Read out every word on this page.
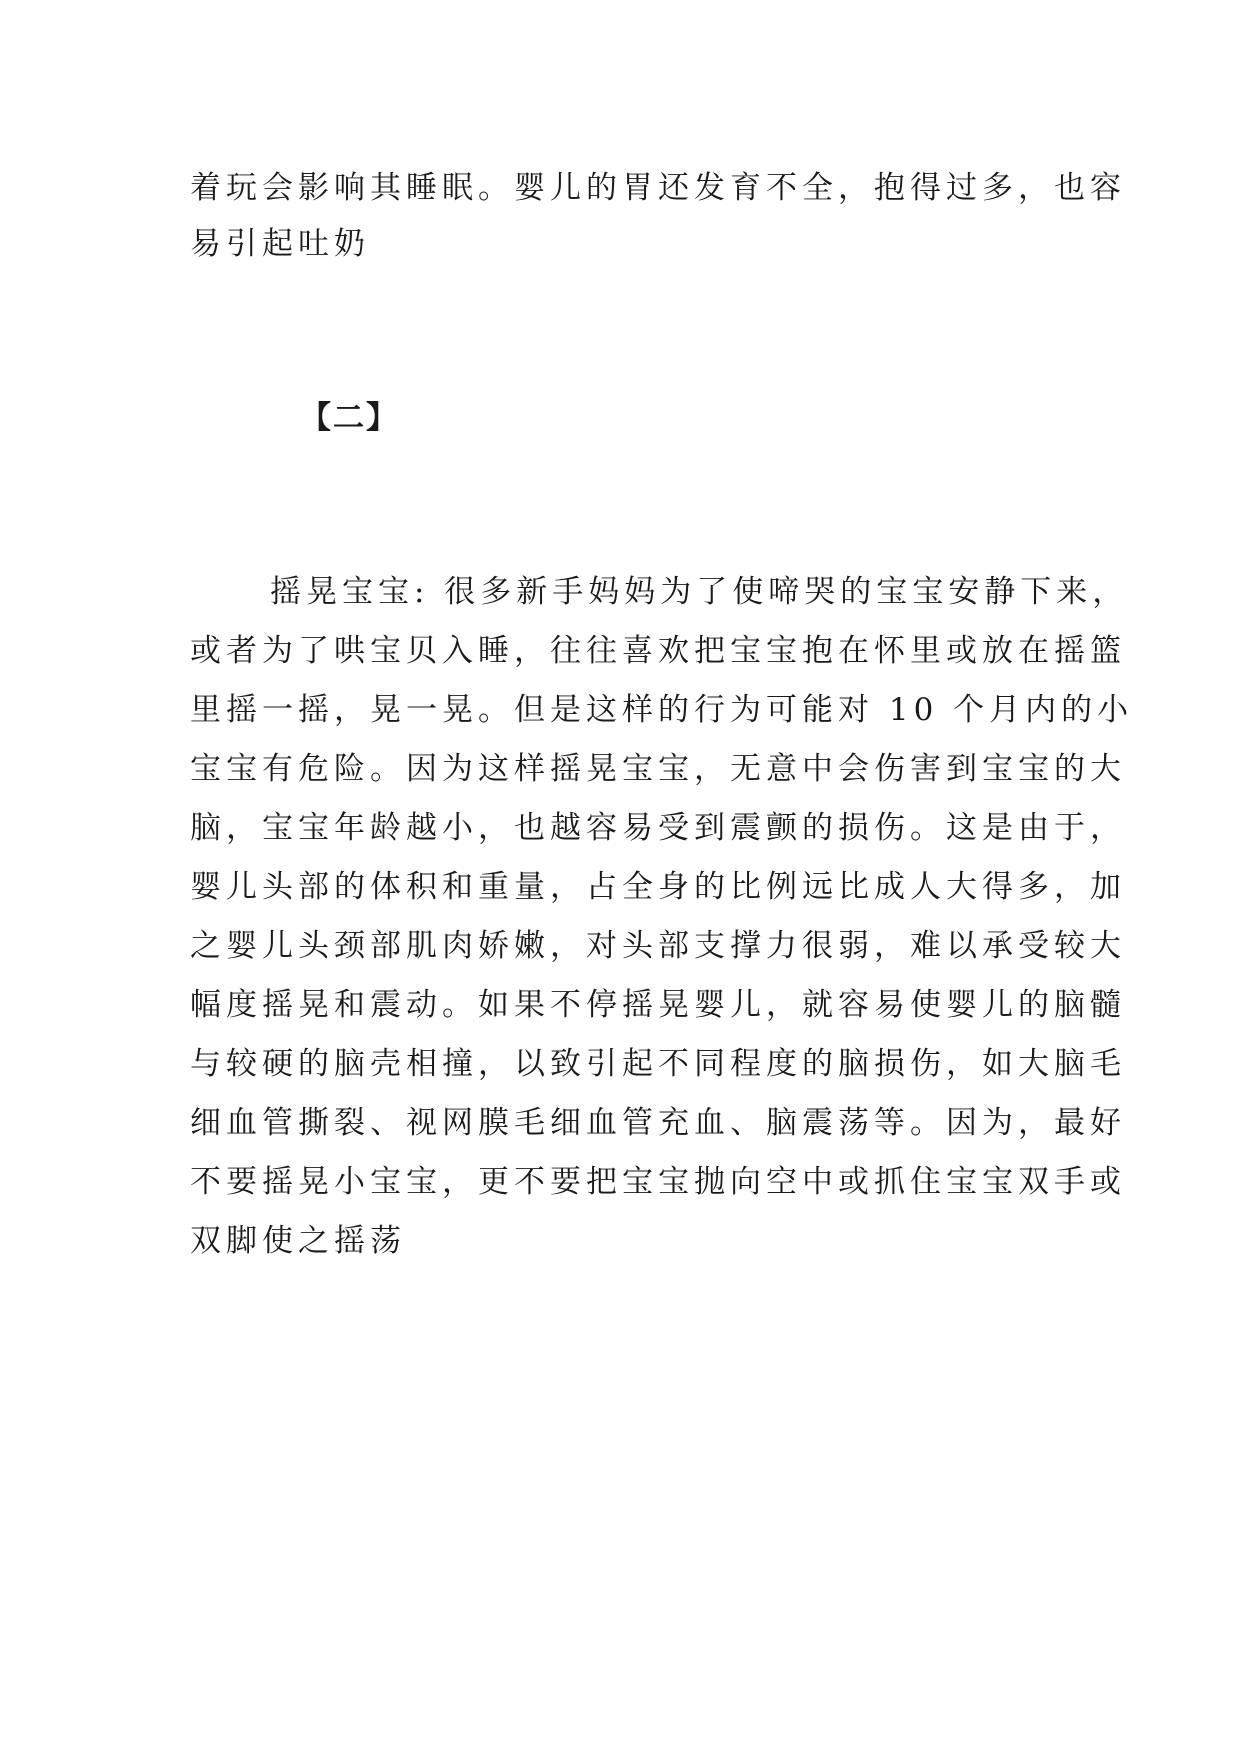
着玩会影响其睡眠。婴儿的胃还发育不全，抱得过多，也容
易引起吐奶

【二】

摇晃宝宝: 很多新手妈妈为了使啼哭的宝宝安静下来，
或者为了哄宝贝入睡，往往喜欢把宝宝抱在怀里或放在摇篮
里摇一摇，晃一晃。但是这样的行为可能对 10 个月内的小
宝宝有危险。因为这样摇晃宝宝，无意中会伤害到宝宝的大
脑，宝宝年龄越小，也越容易受到震颤的损伤。这是由于，
婴儿头部的体积和重量，占全身的比例远比成人大得多，加
之婴儿头颈部肌肉娇嫩，对头部支撑力很弱，难以承受较大
幅度摇晃和震动。如果不停摇晃婴儿，就容易使婴儿的脑髓
与较硬的脑壳相撞，以致引起不同程度的脑损伤，如大脑毛
细血管撕裂、视网膜毛细血管充血、脑震荡等。因为，最好
不要摇晃小宝宝，更不要把宝宝抛向空中或抓住宝宝双手或
双脚使之摇荡
